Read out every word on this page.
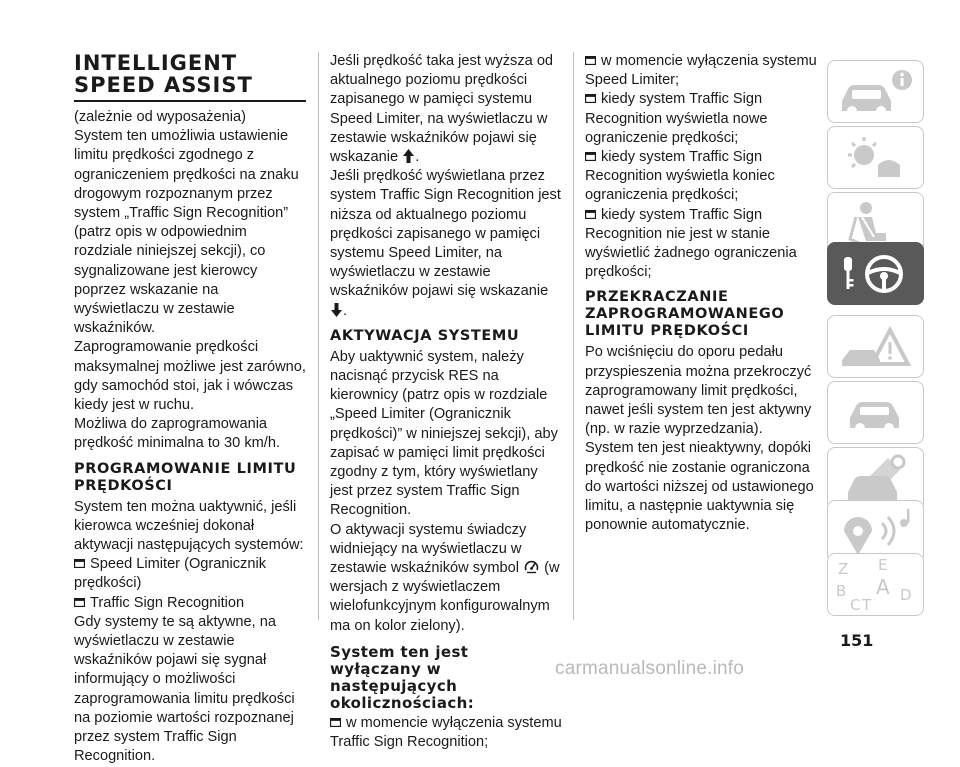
INTELLIGENT SPEED ASSIST

(zależnie od wyposażenia)

System ten umożliwia ustawienie limitu prędkości zgodnego z ograniczeniem prędkości na znaku drogowym rozpoznanym przez system „Traffic Sign Recognition” (patrz opis w odpowiednim rozdziale niniejszej sekcji), co sygnalizowane jest kierowcy poprzez wskazanie na wyświetlaczu w zestawie wskaźników.

Zaprogramowanie prędkości maksymalnej możliwe jest zarówno, gdy samochód stoi, jak i wówczas kiedy jest w ruchu.

Możliwa do zaprogramowania prędkość minimalna to 30 km/h.

PROGRAMOWANIE LIMITU PRĘDKOŚCI

System ten można uaktywnić, jeśli kierowca wcześniej dokonał aktywacji następujących systemów:

Speed Limiter (Ogranicznik prędkości)

Traffic Sign Recognition

Gdy systemy te są aktywne, na wyświetlaczu w zestawie wskaźników pojawi się sygnał informujący o możliwości zaprogramowania limitu prędkości na poziomie wartości rozpoznanej przez system Traffic Sign Recognition.

Jeśli prędkość taka jest wyższa od aktualnego poziomu prędkości zapisanego w pamięci systemu Speed Limiter, na wyświetlaczu w zestawie wskaźników pojawi się wskazanie .

Jeśli prędkość wyświetlana przez system Traffic Sign Recognition jest niższa od aktualnego poziomu prędkości zapisanego w pamięci systemu Speed Limiter, na wyświetlaczu w zestawie wskaźników pojawi się wskazanie .

AKTYWACJA SYSTEMU

Aby uaktywnić system, należy nacisnąć przycisk RES na kierownicy (patrz opis w rozdziale „Speed Limiter (Ogranicznik prędkości)” w niniejszej sekcji), aby zapisać w pamięci limit prędkości zgodny z tym, który wyświetlany jest przez system Traffic Sign Recognition.

O aktywacji systemu świadczy widniejący na wyświetlaczu w zestawie wskaźników symbol (w wersjach z wyświetlaczem wielofunkcyjnym konfigurowalnym ma on kolor zielony).

System ten jest wyłączany w następujących okolicznościach:

w momencie wyłączenia systemu Traffic Sign Recognition;

w momencie wyłączenia systemu Speed Limiter;

kiedy system Traffic Sign Recognition wyświetla nowe ograniczenie prędkości;

kiedy system Traffic Sign Recognition wyświetla koniec ograniczenia prędkości;

kiedy system Traffic Sign Recognition nie jest w stanie wyświetlić żadnego ograniczenia prędkości;

PRZEKRACZANIE ZAPROGRAMOWANEGO LIMITU PRĘDKOŚCI

Po wciśnięciu do oporu pedału przyspieszenia można przekroczyć zaprogramowany limit prędkości, nawet jeśli system ten jest aktywny (np. w razie wyprzedzania).

System ten jest nieaktywny, dopóki prędkość nie zostanie ograniczona do wartości niższej od ustawionego limitu, a następnie uaktywnia się ponownie automatycznie.

Z E
B A
C
D
T
151
carmanualsonline.info
